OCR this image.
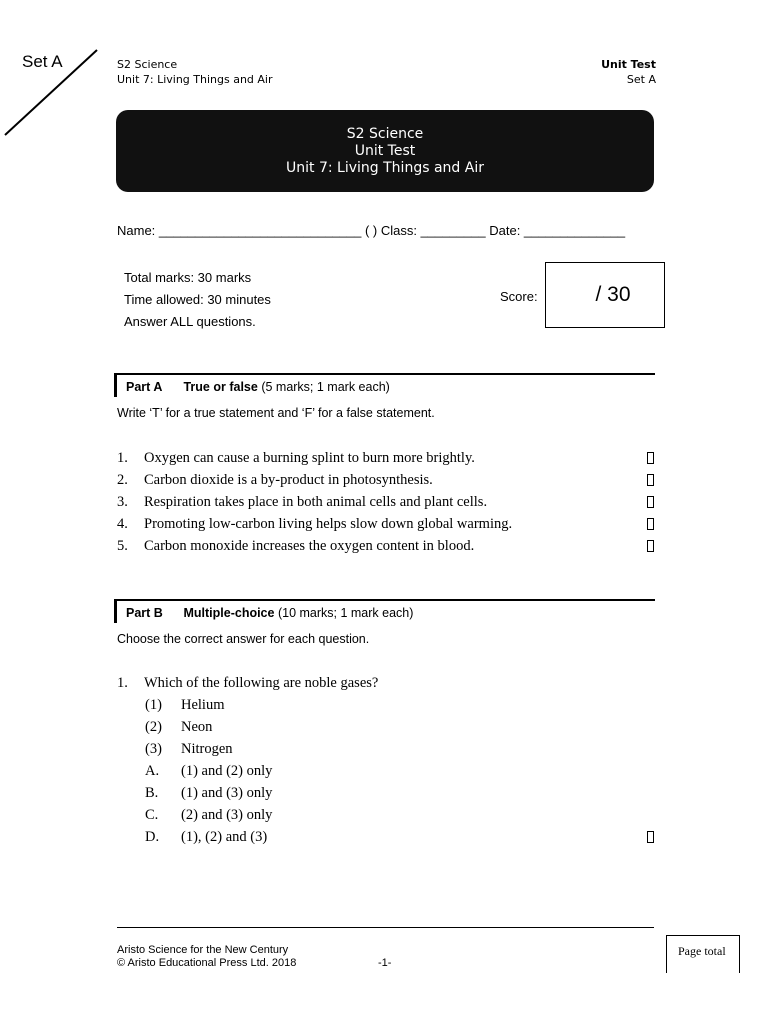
Set A	S2 Science
Unit 7: Living Things and Air
Unit Test
Set A
S2 Science
Unit Test
Unit 7: Living Things and Air
Name: ____________________________ ( ) Class: _________ Date: ______________
Total marks: 30 marks
Time allowed: 30 minutes
Answer ALL questions.
Score:	/ 30
Part A True or false (5 marks; 1 mark each)
Write ‘T’ for a true statement and ‘F’ for a false statement.
1. Oxygen can cause a burning splint to burn more brightly.
2. Carbon dioxide is a by-product in photosynthesis.
3. Respiration takes place in both animal cells and plant cells.
4. Promoting low-carbon living helps slow down global warming.
5. Carbon monoxide increases the oxygen content in blood.
Part B Multiple-choice (10 marks; 1 mark each)
Choose the correct answer for each question.
1. Which of the following are noble gases?
(1) Helium
(2) Neon
(3) Nitrogen
A. (1) and (2) only
B. (1) and (3) only
C. (2) and (3) only
D. (1), (2) and (3)
Aristo Science for the New Century
© Aristo Educational Press Ltd. 2018	-1-
Page total
